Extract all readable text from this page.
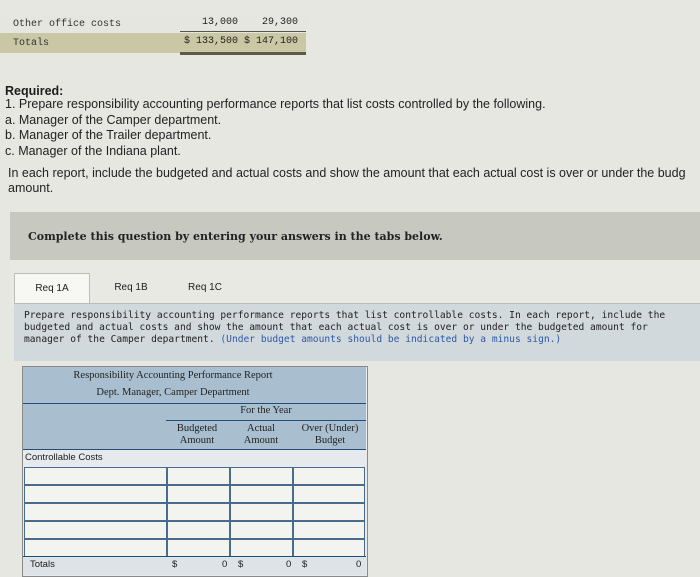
Other office costs	13,000	29,300
Totals	$ 133,500 $ 147,100
Required:
1. Prepare responsibility accounting performance reports that list costs controlled by the following.
a. Manager of the Camper department.
b. Manager of the Trailer department.
c. Manager of the Indiana plant.
In each report, include the budgeted and actual costs and show the amount that each actual cost is over or under the budg amount.
Complete this question by entering your answers in the tabs below.
Req 1A	Req 1B	Req 1C
Prepare responsibility accounting performance reports that list controllable costs. In each report, include the budgeted and actual costs and show the amount that each actual cost is over or under the budgeted amount for manager of the Camper department. (Under budget amounts should be indicated by a minus sign.)
Responsibility Accounting Performance Report
Dept. Manager, Camper Department
For the Year
Budgeted
Amount
Actual
Amount
Over (Under)
Budget
Controllable Costs
Totals	$	0 $	0 $	0
